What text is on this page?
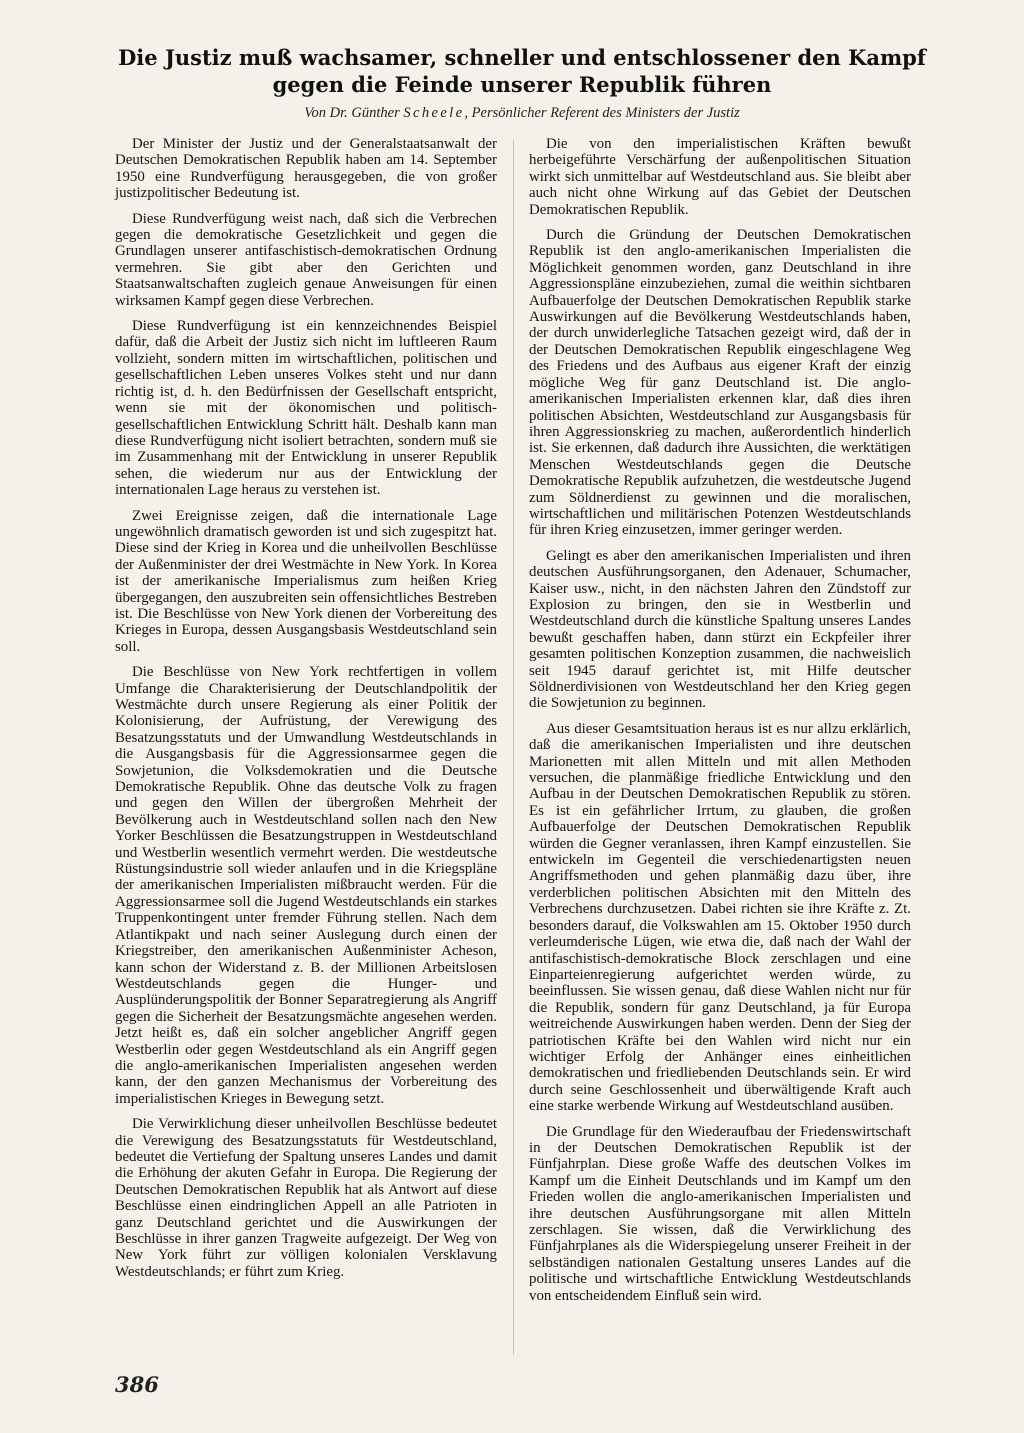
Die Justiz muß wachsamer, schneller und entschlossener den Kampf gegen die Feinde unserer Republik führen
Von Dr. Günther Scheele, Persönlicher Referent des Ministers der Justiz

Der Minister der Justiz und der Generalstaatsanwalt der Deutschen Demokratischen Republik haben am 14. September 1950 eine Rundverfügung herausgegeben, die von großer justizpolitischer Bedeutung ist.

Diese Rundverfügung weist nach, daß sich die Verbrechen gegen die demokratische Gesetzlichkeit und gegen die Grundlagen unserer antifaschistisch-demokratischen Ordnung vermehren. Sie gibt aber den Gerichten und Staatsanwaltschaften zugleich genaue Anweisungen für einen wirksamen Kampf gegen diese Verbrechen.

Diese Rundverfügung ist ein kennzeichnendes Beispiel dafür, daß die Arbeit der Justiz sich nicht im luftleeren Raum vollzieht, sondern mitten im wirtschaftlichen, politischen und gesellschaftlichen Leben unseres Volkes steht und nur dann richtig ist, d. h. den Bedürfnissen der Gesellschaft entspricht, wenn sie mit der ökonomischen und politisch-gesellschaftlichen Entwicklung Schritt hält. Deshalb kann man diese Rundverfügung nicht isoliert betrachten, sondern muß sie im Zusammenhang mit der Entwicklung in unserer Republik sehen, die wiederum nur aus der Entwicklung der internationalen Lage heraus zu verstehen ist.

Zwei Ereignisse zeigen, daß die internationale Lage ungewöhnlich dramatisch geworden ist und sich zugespitzt hat. Diese sind der Krieg in Korea und die unheilvollen Beschlüsse der Außenminister der drei Westmächte in New York. In Korea ist der amerikanische Imperialismus zum heißen Krieg übergegangen, den auszubreiten sein offensichtliches Bestreben ist. Die Beschlüsse von New York dienen der Vorbereitung des Krieges in Europa, dessen Ausgangsbasis Westdeutschland sein soll.

Die Beschlüsse von New York rechtfertigen in vollem Umfange die Charakterisierung der Deutschlandpolitik der Westmächte durch unsere Regierung als einer Politik der Kolonisierung, der Aufrüstung, der Verewigung des Besatzungsstatuts und der Umwandlung Westdeutschlands in die Ausgangsbasis für die Aggressionsarmee gegen die Sowjetunion, die Volksdemokratien und die Deutsche Demokratische Republik. Ohne das deutsche Volk zu fragen und gegen den Willen der übergroßen Mehrheit der Bevölkerung auch in Westdeutschland sollen nach den New Yorker Beschlüssen die Besatzungstruppen in Westdeutschland und Westberlin wesentlich vermehrt werden. Die westdeutsche Rüstungsindustrie soll wieder anlaufen und in die Kriegspläne der amerikanischen Imperialisten mißbraucht werden. Für die Aggressionsarmee soll die Jugend Westdeutschlands ein starkes Truppenkontingent unter fremder Führung stellen. Nach dem Atlantikpakt und nach seiner Auslegung durch einen der Kriegstreiber, den amerikanischen Außenminister Acheson, kann schon der Widerstand z. B. der Millionen Arbeitslosen Westdeutschlands gegen die Hunger- und Ausplünderungspolitik der Bonner Separatregierung als Angriff gegen die Sicherheit der Besatzungsmächte angesehen werden. Jetzt heißt es, daß ein solcher angeblicher Angriff gegen Westberlin oder gegen Westdeutschland als ein Angriff gegen die anglo-amerikanischen Imperialisten angesehen werden kann, der den ganzen Mechanismus der Vorbereitung des imperialistischen Krieges in Bewegung setzt.

Die Verwirklichung dieser unheilvollen Beschlüsse bedeutet die Verewigung des Besatzungsstatuts für Westdeutschland, bedeutet die Vertiefung der Spaltung unseres Landes und damit die Erhöhung der akuten Gefahr in Europa. Die Regierung der Deutschen Demokratischen Republik hat als Antwort auf diese Beschlüsse einen eindringlichen Appell an alle Patrioten in ganz Deutschland gerichtet und die Auswirkungen der Beschlüsse in ihrer ganzen Tragweite aufgezeigt. Der Weg von New York führt zur völligen kolonialen Versklavung Westdeutschlands; er führt zum Krieg.

Die von den imperialistischen Kräften bewußt herbeigeführte Verschärfung der außenpolitischen Situation wirkt sich unmittelbar auf Westdeutschland aus. Sie bleibt aber auch nicht ohne Wirkung auf das Gebiet der Deutschen Demokratischen Republik.

Durch die Gründung der Deutschen Demokratischen Republik ist den anglo-amerikanischen Imperialisten die Möglichkeit genommen worden, ganz Deutschland in ihre Aggressionspläne einzubeziehen, zumal die weithin sichtbaren Aufbauerfolge der Deutschen Demokratischen Republik starke Auswirkungen auf die Bevölkerung Westdeutschlands haben, der durch unwiderlegliche Tatsachen gezeigt wird, daß der in der Deutschen Demokratischen Republik eingeschlagene Weg des Friedens und des Aufbaus aus eigener Kraft der einzig mögliche Weg für ganz Deutschland ist. Die anglo-amerikanischen Imperialisten erkennen klar, daß dies ihren politischen Absichten, Westdeutschland zur Ausgangsbasis für ihren Aggressionskrieg zu machen, außerordentlich hinderlich ist. Sie erkennen, daß dadurch ihre Aussichten, die werktätigen Menschen Westdeutschlands gegen die Deutsche Demokratische Republik aufzuhetzen, die westdeutsche Jugend zum Söldnerdienst zu gewinnen und die moralischen, wirtschaftlichen und militärischen Potenzen Westdeutschlands für ihren Krieg einzusetzen, immer geringer werden.

Gelingt es aber den amerikanischen Imperialisten und ihren deutschen Ausführungsorganen, den Adenauer, Schumacher, Kaiser usw., nicht, in den nächsten Jahren den Zündstoff zur Explosion zu bringen, den sie in Westberlin und Westdeutschland durch die künstliche Spaltung unseres Landes bewußt geschaffen haben, dann stürzt ein Eckpfeiler ihrer gesamten politischen Konzeption zusammen, die nachweislich seit 1945 darauf gerichtet ist, mit Hilfe deutscher Söldnerdivisionen von Westdeutschland her den Krieg gegen die Sowjetunion zu beginnen.

Aus dieser Gesamtsituation heraus ist es nur allzu erklärlich, daß die amerikanischen Imperialisten und ihre deutschen Marionetten mit allen Mitteln und mit allen Methoden versuchen, die planmäßige friedliche Entwicklung und den Aufbau in der Deutschen Demokratischen Republik zu stören. Es ist ein gefährlicher Irrtum, zu glauben, die großen Aufbauerfolge der Deutschen Demokratischen Republik würden die Gegner veranlassen, ihren Kampf einzustellen. Sie entwickeln im Gegenteil die verschiedenartigsten neuen Angriffsmethoden und gehen planmäßig dazu über, ihre verderblichen politischen Absichten mit den Mitteln des Verbrechens durchzusetzen. Dabei richten sie ihre Kräfte z. Zt. besonders darauf, die Volkswahlen am 15. Oktober 1950 durch verleumderische Lügen, wie etwa die, daß nach der Wahl der antifaschistisch-demokratische Block zerschlagen und eine Einparteienregierung aufgerichtet werden würde, zu beeinflussen. Sie wissen genau, daß diese Wahlen nicht nur für die Republik, sondern für ganz Deutschland, ja für Europa weitreichende Auswirkungen haben werden. Denn der Sieg der patriotischen Kräfte bei den Wahlen wird nicht nur ein wichtiger Erfolg der Anhänger eines einheitlichen demokratischen und friedliebenden Deutschlands sein. Er wird durch seine Geschlossenheit und überwältigende Kraft auch eine starke werbende Wirkung auf Westdeutschland ausüben.

Die Grundlage für den Wiederaufbau der Friedenswirtschaft in der Deutschen Demokratischen Republik ist der Fünfjahrplan. Diese große Waffe des deutschen Volkes im Kampf um die Einheit Deutschlands und im Kampf um den Frieden wollen die anglo-amerikanischen Imperialisten und ihre deutschen Ausführungsorgane mit allen Mitteln zerschlagen. Sie wissen, daß die Verwirklichung des Fünfjahrplanes als die Widerspiegelung unserer Freiheit in der selbständigen nationalen Gestaltung unseres Landes auf die politische und wirtschaftliche Entwicklung Westdeutschlands von entscheidendem Einfluß sein wird.

386
